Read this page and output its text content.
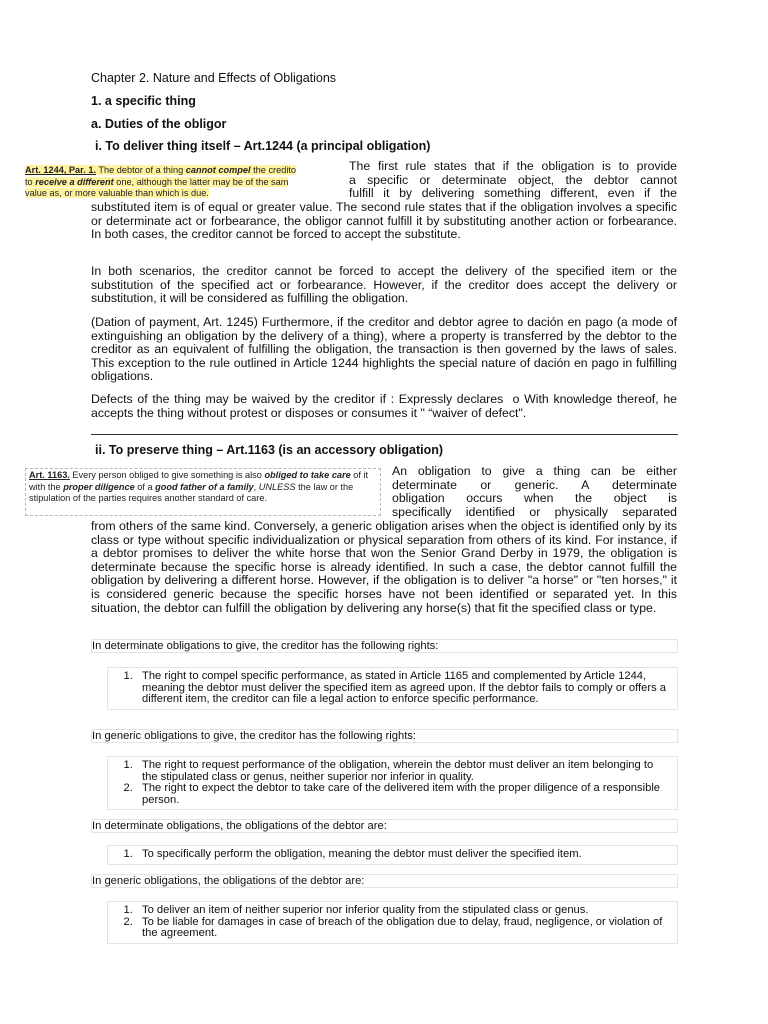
Chapter 2. Nature and Effects of Obligations
1. a specific thing
a. Duties of the obligor
i. To deliver thing itself – Art.1244 (a principal obligation)
Art. 1244, Par. 1. The debtor of a thing cannot compel the credito
to receive a different one, although the latter may be of the sam
value as, or more valuable than which is due.
The first rule states that if the obligation is to provide
a specific or determinate object, the debtor cannot
fulfill it by delivering something different, even if the
substituted item is of equal or greater value. The second rule states that if the obligation involves a specific or determinate act or forbearance, the obligor cannot fulfill it by substituting another action or forbearance. In both cases, the creditor cannot be forced to accept the substitute.
In both scenarios, the creditor cannot be forced to accept the delivery of the specified item or the substitution of the specified act or forbearance. However, if the creditor does accept the delivery or substitution, it will be considered as fulfilling the obligation.
(Dation of payment, Art. 1245) Furthermore, if the creditor and debtor agree to dación en pago (a mode of extinguishing an obligation by the delivery of a thing), where a property is transferred by the debtor to the creditor as an equivalent of fulfilling the obligation, the transaction is then governed by the laws of sales. This exception to the rule outlined in Article 1244 highlights the special nature of dación en pago in fulfilling obligations.
Defects of the thing may be waived by the creditor if : Expressly declares  o With knowledge thereof, he accepts the thing without protest or disposes or consumes it " “waiver of defect".
ii. To preserve thing – Art.1163 (is an accessory obligation)
Art. 1163. Every person obliged to give something is also obliged to take care of it with the proper diligence of a good father of a family, UNLESS the law or the stipulation of the parties requires another standard of care.
An obligation to give a thing can be either
determinate or generic. A determinate
obligation occurs when the object is
specifically identified or physically separated
from others of the same kind. Conversely, a generic obligation arises when the object is identified only by its class or type without specific individualization or physical separation from others of its kind. For instance, if a debtor promises to deliver the white horse that won the Senior Grand Derby in 1979, the obligation is determinate because the specific horse is already identified. In such a case, the debtor cannot fulfill the obligation by delivering a different horse. However, if the obligation is to deliver "a horse" or "ten horses," it is considered generic because the specific horses have not been identified or separated yet. In this situation, the debtor can fulfill the obligation by delivering any horse(s) that fit the specified class or type.
In determinate obligations to give, the creditor has the following rights:
1. The right to compel specific performance, as stated in Article 1165 and complemented by Article 1244, meaning the debtor must deliver the specified item as agreed upon. If the debtor fails to comply or offers a different item, the creditor can file a legal action to enforce specific performance.
In generic obligations to give, the creditor has the following rights:
1. The right to request performance of the obligation, wherein the debtor must deliver an item belonging to the stipulated class or genus, neither superior nor inferior in quality.
2. The right to expect the debtor to take care of the delivered item with the proper diligence of a responsible person.
In determinate obligations, the obligations of the debtor are:
1. To specifically perform the obligation, meaning the debtor must deliver the specified item.
In generic obligations, the obligations of the debtor are:
1. To deliver an item of neither superior nor inferior quality from the stipulated class or genus.
2. To be liable for damages in case of breach of the obligation due to delay, fraud, negligence, or violation of the agreement.
